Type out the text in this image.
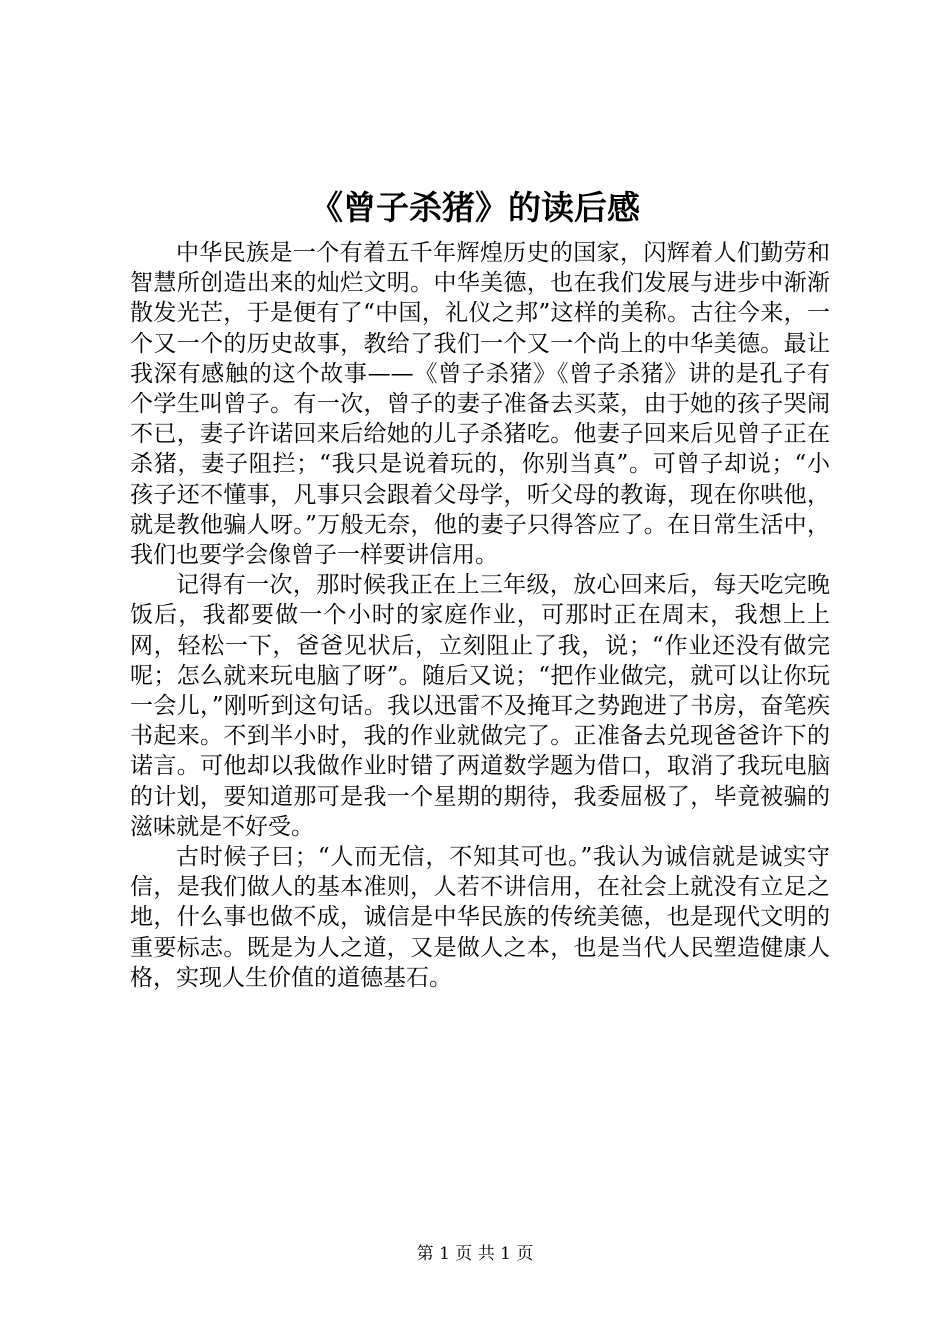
《曾子杀猪》的读后感

中华民族是一个有着五千年辉煌历史的国家，闪辉着人们勤劳和智慧所创造出来的灿烂文明。中华美德，也在我们发展与进步中渐渐散发光芒，于是便有了“中国，礼仪之邦”这样的美称。古往今来，一个又一个的历史故事，教给了我们一个又一个尚上的中华美德。最让我深有感触的这个故事——《曾子杀猪》《曾子杀猪》讲的是孔子有个学生叫曾子。有一次，曾子的妻子准备去买菜，由于她的孩子哭闹不已，妻子许诺回来后给她的儿子杀猪吃。他妻子回来后见曾子正在杀猪，妻子阻拦；“我只是说着玩的，你别当真”。可曾子却说；“小孩子还不懂事，凡事只会跟着父母学，听父母的教诲，现在你哄他，就是教他骗人呀。”万般无奈，他的妻子只得答应了。在日常生活中，我们也要学会像曾子一样要讲信用。

记得有一次，那时候我正在上三年级，放心回来后，每天吃完晚饭后，我都要做一个小时的家庭作业，可那时正在周末，我想上上网，轻松一下，爸爸见状后，立刻阻止了我，说；“作业还没有做完呢；怎么就来玩电脑了呀”。随后又说；“把作业做完，就可以让你玩一会儿，”刚听到这句话。我以迅雷不及掩耳之势跑进了书房，奋笔疾书起来。不到半小时，我的作业就做完了。正准备去兑现爸爸许下的诺言。可他却以我做作业时错了两道数学题为借口，取消了我玩电脑的计划，要知道那可是我一个星期的期待，我委屈极了，毕竟被骗的滋味就是不好受。

古时候子曰；“人而无信，不知其可也。”我认为诚信就是诚实守信，是我们做人的基本准则，人若不讲信用，在社会上就没有立足之地，什么事也做不成，诚信是中华民族的传统美德，也是现代文明的重要标志。既是为人之道，又是做人之本，也是当代人民塑造健康人格，实现人生价值的道德基石。

第 1 页 共 1 页
